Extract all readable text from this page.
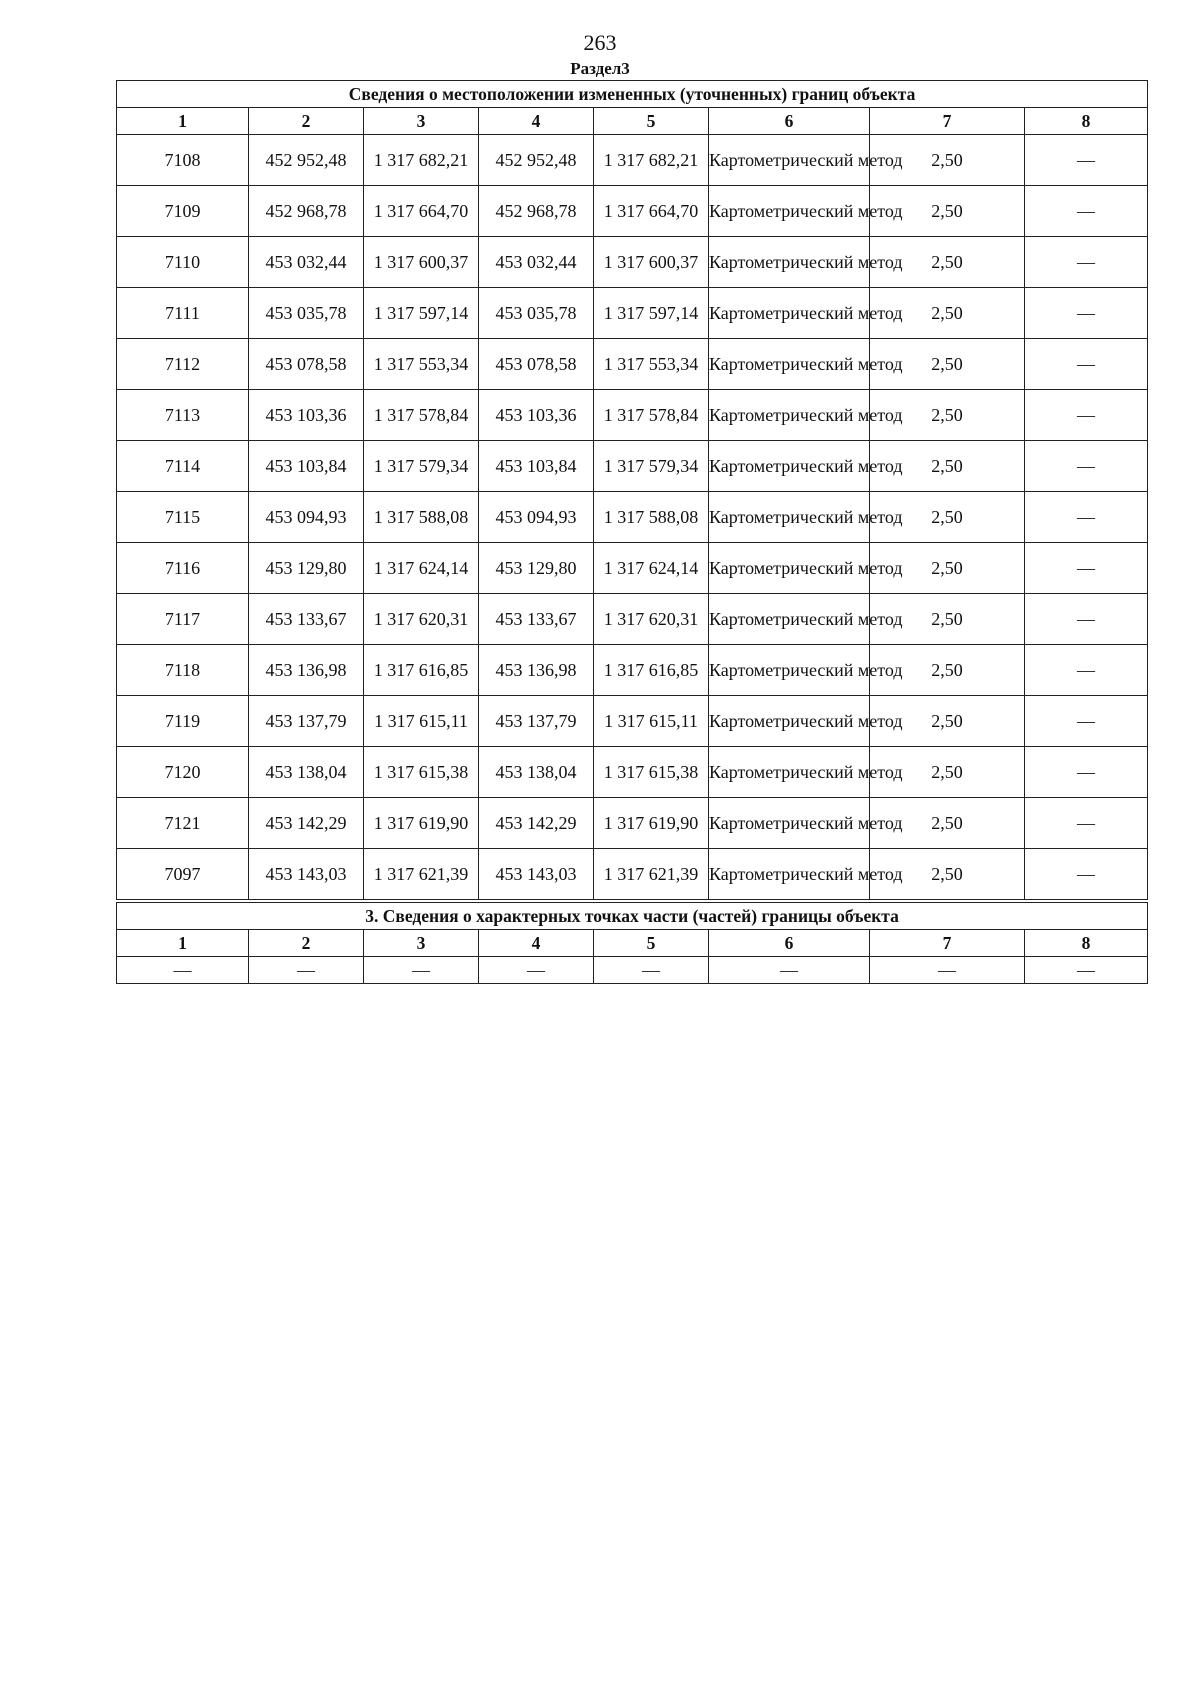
263
Раздел3
Сведения о местоположении измененных (уточненных) границ объекта							
1	2	3	4	5	6	7	8
7108	452 952,48	1 317 682,21	452 952,48	1 317 682,21	Картометрический метод	2,50	—
7109	452 968,78	1 317 664,70	452 968,78	1 317 664,70	Картометрический метод	2,50	—
7110	453 032,44	1 317 600,37	453 032,44	1 317 600,37	Картометрический метод	2,50	—
7111	453 035,78	1 317 597,14	453 035,78	1 317 597,14	Картометрический метод	2,50	—
7112	453 078,58	1 317 553,34	453 078,58	1 317 553,34	Картометрический метод	2,50	—
7113	453 103,36	1 317 578,84	453 103,36	1 317 578,84	Картометрический метод	2,50	—
7114	453 103,84	1 317 579,34	453 103,84	1 317 579,34	Картометрический метод	2,50	—
7115	453 094,93	1 317 588,08	453 094,93	1 317 588,08	Картометрический метод	2,50	—
7116	453 129,80	1 317 624,14	453 129,80	1 317 624,14	Картометрический метод	2,50	—
7117	453 133,67	1 317 620,31	453 133,67	1 317 620,31	Картометрический метод	2,50	—
7118	453 136,98	1 317 616,85	453 136,98	1 317 616,85	Картометрический метод	2,50	—
7119	453 137,79	1 317 615,11	453 137,79	1 317 615,11	Картометрический метод	2,50	—
7120	453 138,04	1 317 615,38	453 138,04	1 317 615,38	Картометрический метод	2,50	—
7121	453 142,29	1 317 619,90	453 142,29	1 317 619,90	Картометрический метод	2,50	—
7097	453 143,03	1 317 621,39	453 143,03	1 317 621,39	Картометрический метод	2,50	—
3. Сведения о характерных точках части (частей) границы объекта							
1	2	3	4	5	6	7	8
—	—	—	—	—	—	—	—
